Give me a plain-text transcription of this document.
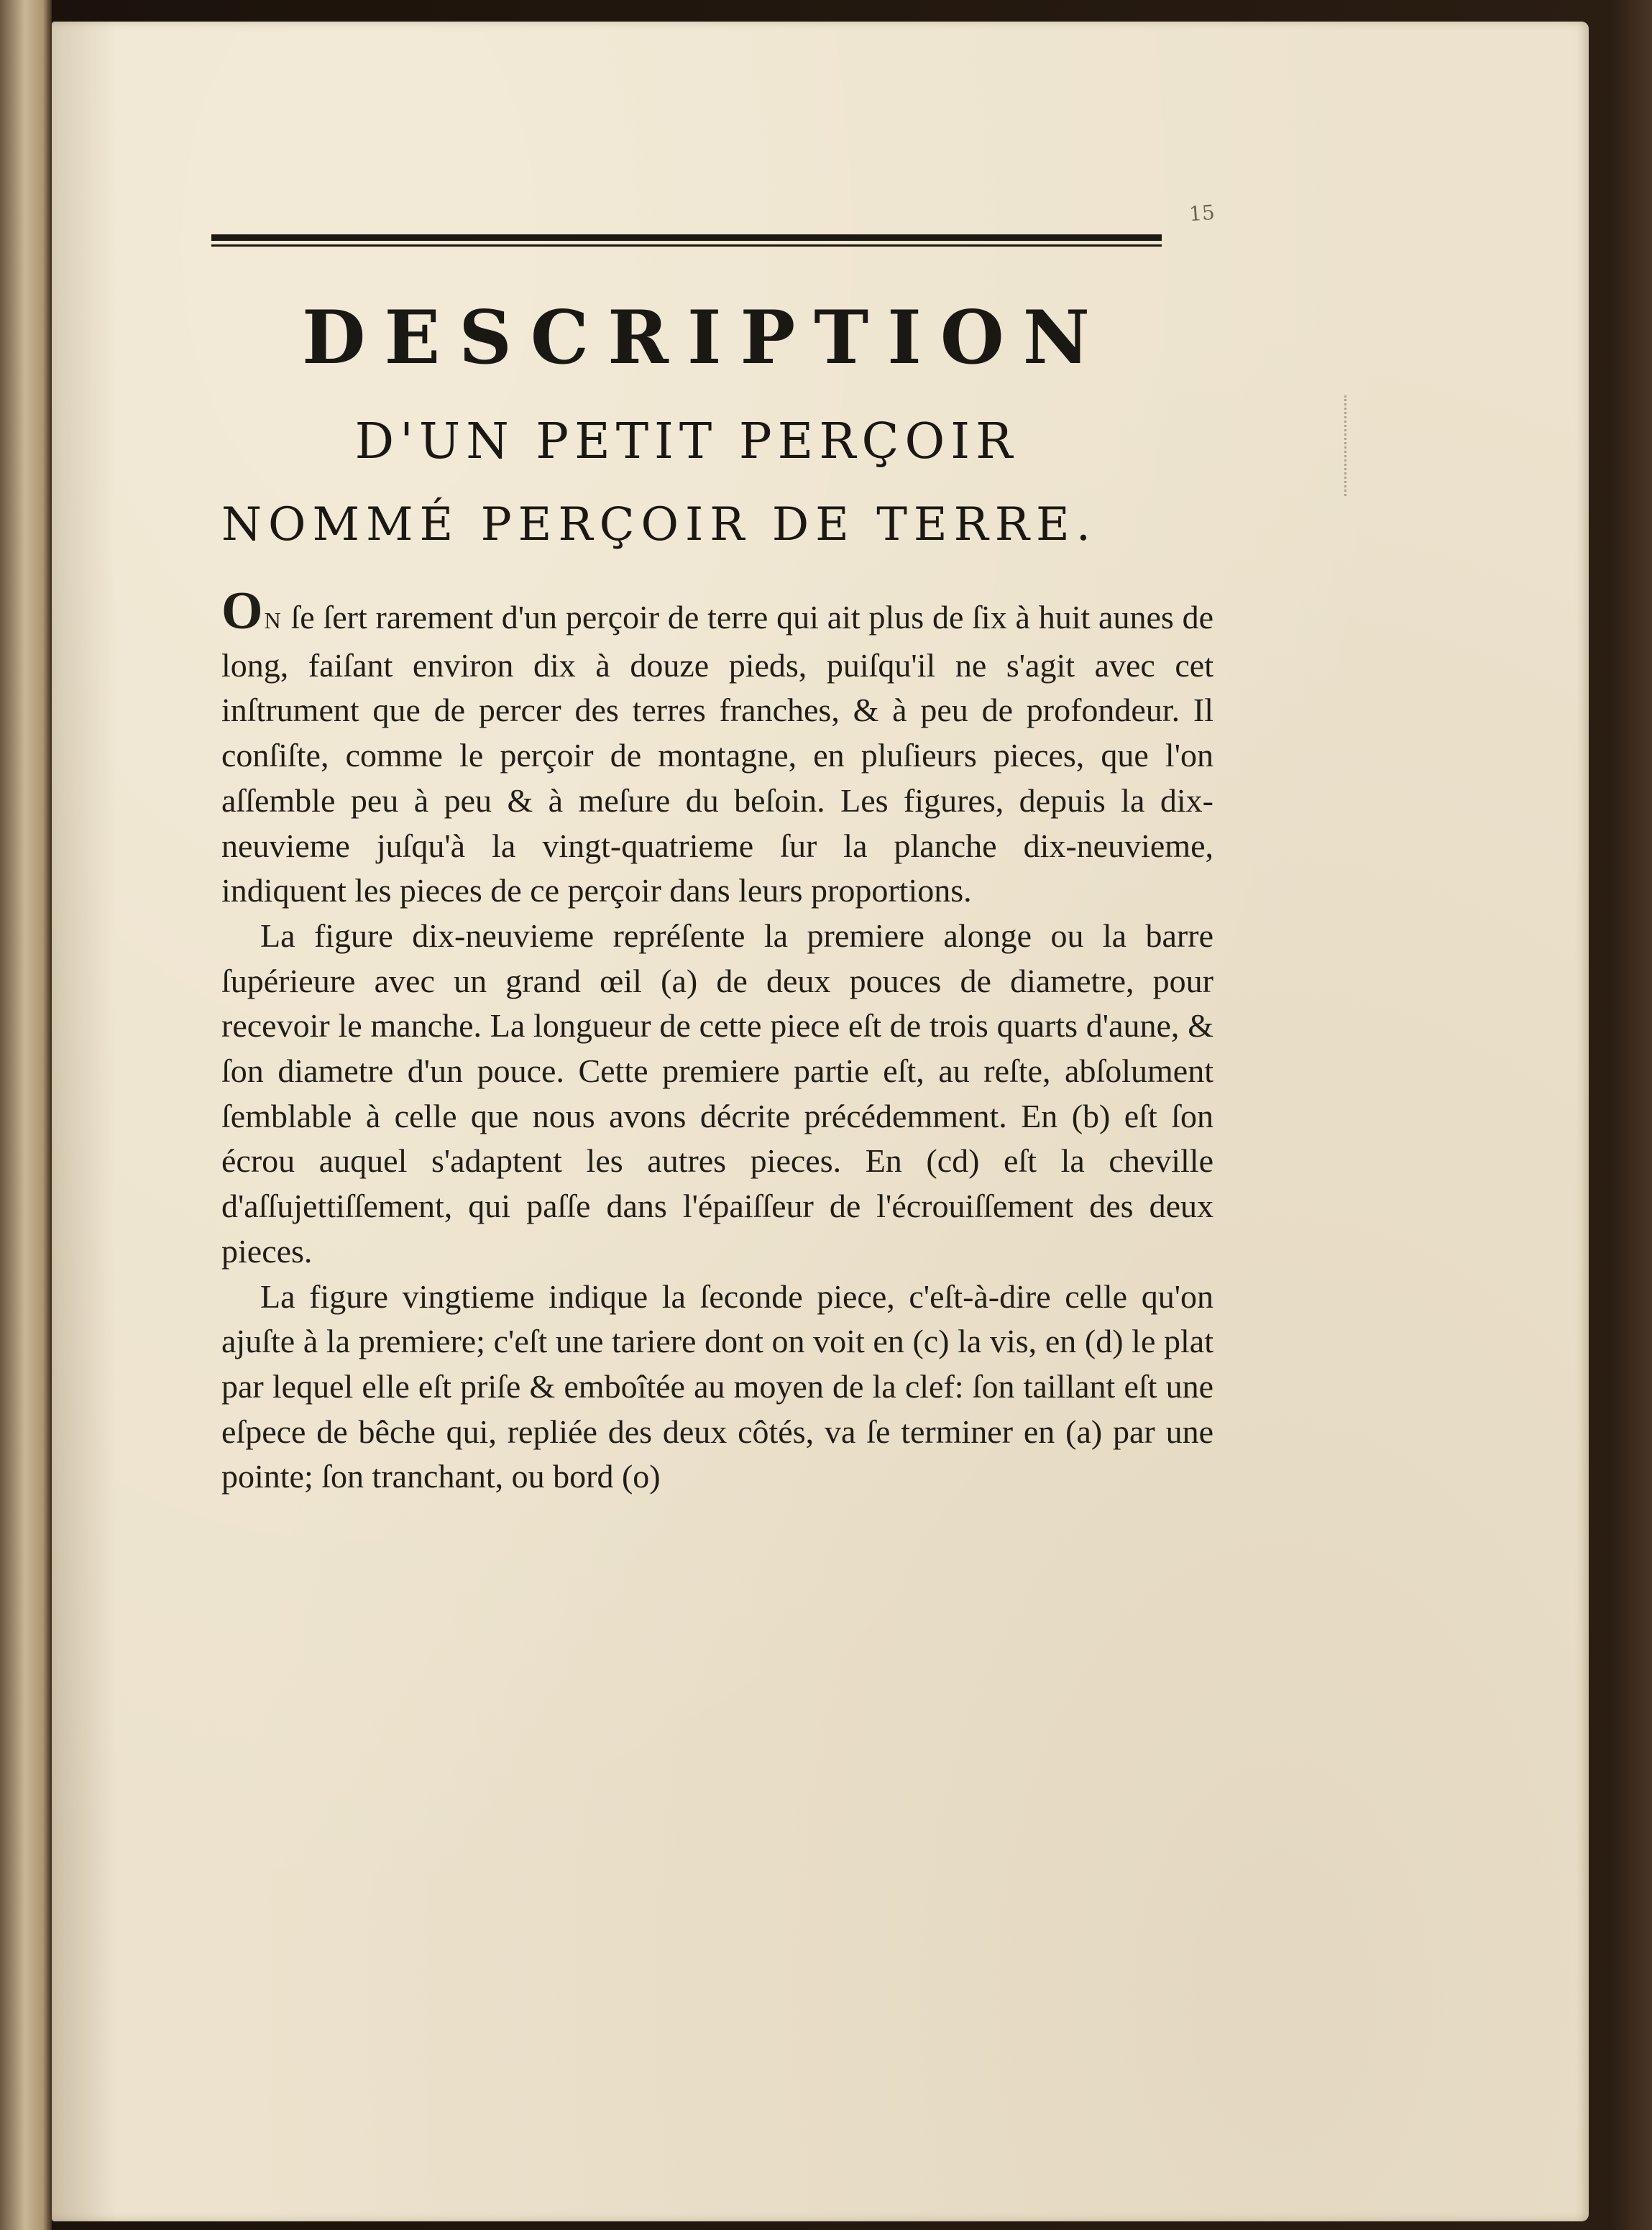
15
DESCRIPTION
D'UN PETIT PERÇOIR
NOMMÉ PERÇOIR DE TERRE.

ON ſe ſert rarement d'un perçoir de terre qui ait plus de ſix à huit aunes de long, faiſant environ dix à douze pieds, puiſqu'il ne s'agit avec cet inſtrument que de percer des terres franches, & à peu de profondeur. Il conſiſte, comme le perçoir de montagne, en pluſieurs pieces, que l'on aſſemble peu à peu & à meſure du beſoin. Les figures, depuis la dix-neuvieme juſqu'à la vingt-quatrieme ſur la planche dix-neuvieme, indiquent les pieces de ce perçoir dans leurs proportions.

La figure dix-neuvieme repréſente la premiere alonge ou la barre ſupérieure avec un grand œil (a) de deux pouces de diametre, pour recevoir le manche. La longueur de cette piece eſt de trois quarts d'aune, & ſon diametre d'un pouce. Cette premiere partie eſt, au reſte, abſolument ſemblable à celle que nous avons décrite précédemment. En (b) eſt ſon écrou auquel s'adaptent les autres pieces. En (cd) eſt la cheville d'aſſujettiſſement, qui paſſe dans l'épaiſſeur de l'écrouiſſement des deux pieces.

La figure vingtieme indique la ſeconde piece, c'eſt-à-dire celle qu'on ajuſte à la premiere; c'eſt une tariere dont on voit en (c) la vis, en (d) le plat par lequel elle eſt priſe & emboîtée au moyen de la clef: ſon taillant eſt une eſpece de bêche qui, repliée des deux côtés, va ſe terminer en (a) par une pointe; ſon tranchant, ou bord (o)
